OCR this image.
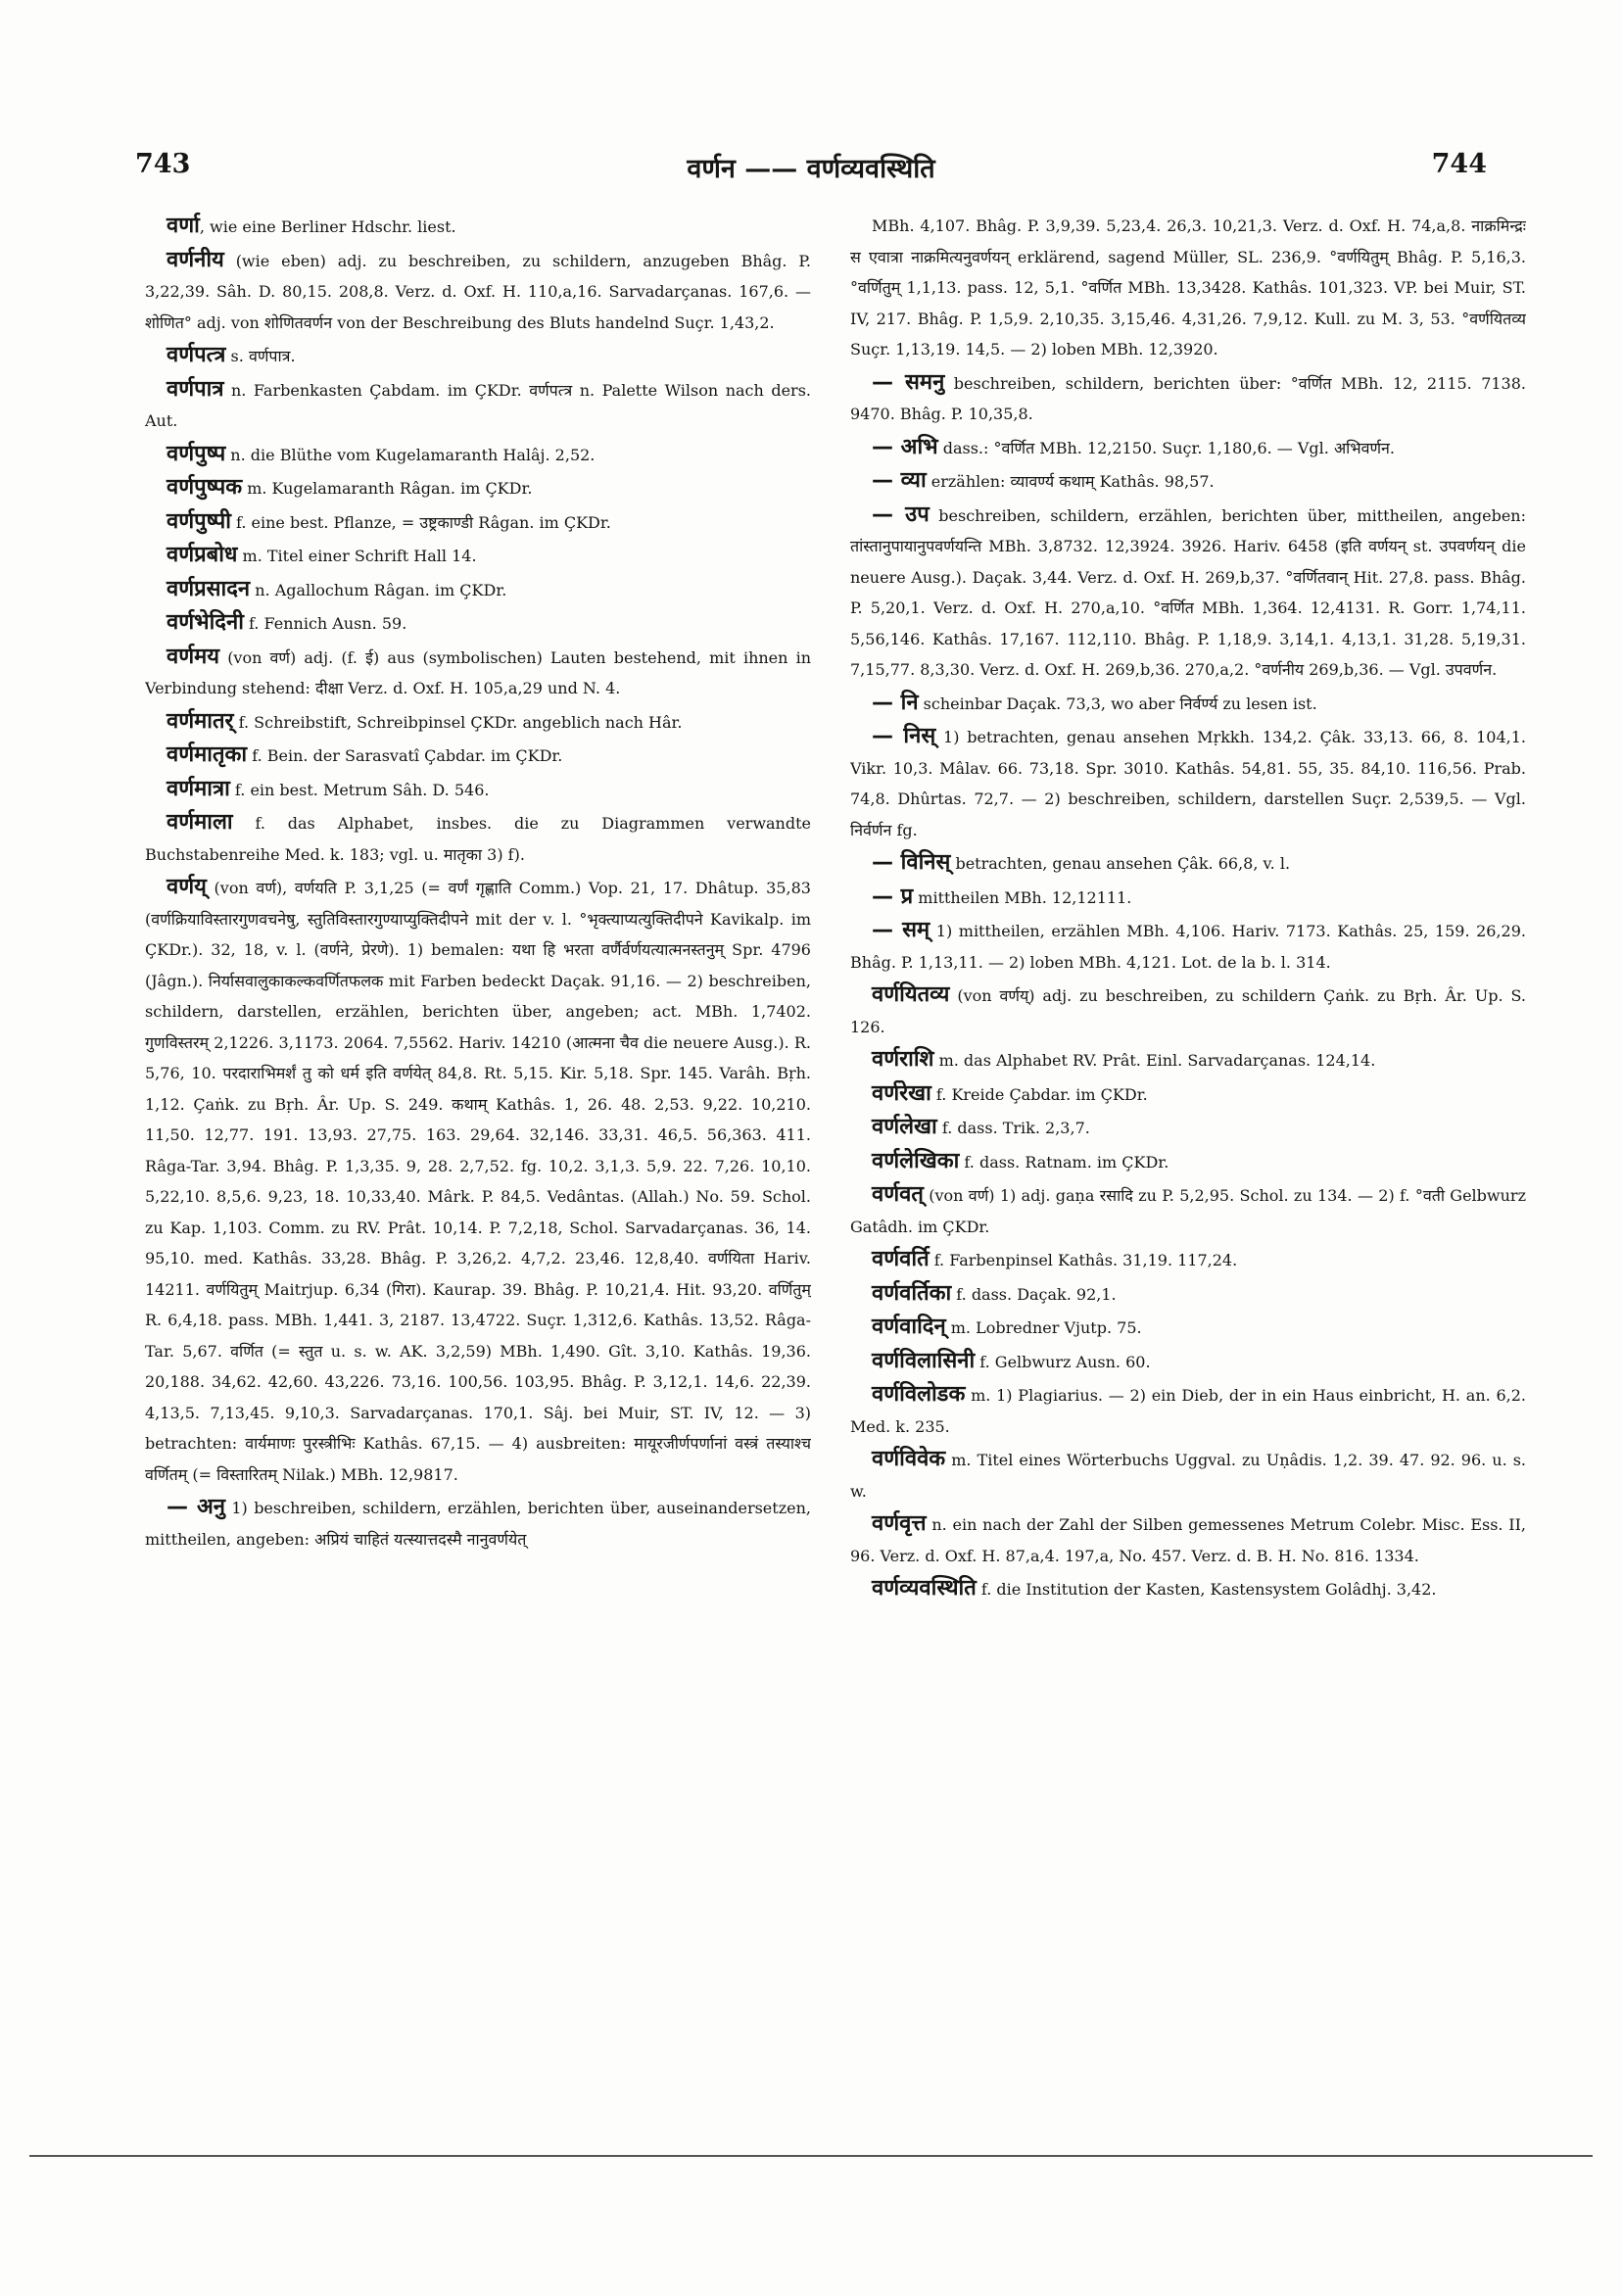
743	वर्णन —— वर्णव्यवस्थिति	744

वर्णा, wie eine Berliner Hdschr. liest.

वर्णनीय (wie eben) adj. zu beschreiben, zu schildern, anzugeben Bhâg. P. 3,22,39. Sâh. D. 80,15. 208,8. Verz. d. Oxf. H. 110,a,16. Sarvadarçanas. 167,6. — शोणित° adj. von शोणितवर्णन von der Beschreibung des Bluts handelnd Suçr. 1,43,2.

वर्णपत्त्र s. वर्णपात्र.

वर्णपात्र n. Farbenkasten Çabdam. im ÇKDr. वर्णपत्त्र n. Palette Wilson nach ders. Aut.

वर्णपुष्प n. die Blüthe vom Kugelamaranth Halâj. 2,52.

वर्णपुष्पक m. Kugelamaranth Râgan. im ÇKDr.

वर्णपुष्पी f. eine best. Pflanze, = उष्ट्रकाण्डी Râgan. im ÇKDr.

वर्णप्रबोध m. Titel einer Schrift Hall 14.

वर्णप्रसादन n. Agallochum Râgan. im ÇKDr.

वर्णभेदिनी f. Fennich Ausn. 59.

वर्णमय (von वर्ण) adj. (f. ई) aus (symbolischen) Lauten bestehend, mit ihnen in Verbindung stehend: दीक्षा Verz. d. Oxf. H. 105,a,29 und N. 4.

वर्णमातर् f. Schreibstift, Schreibpinsel ÇKDr. angeblich nach Hâr.

वर्णमातृका f. Bein. der Sarasvatî Çabdar. im ÇKDr.

वर्णमात्रा f. ein best. Metrum Sâh. D. 546.

वर्णमाला f. das Alphabet, insbes. die zu Diagrammen verwandte Buchstabenreihe Med. k. 183; vgl. u. मातृका 3) f).

वर्णय् (von वर्ण), वर्णयति P. 3,1,25 (= वर्णं गृह्णाति Comm.) Vop. 21, 17. Dhâtup. 35,83 (वर्णक्रियाविस्तारगुणवचनेषु, स्तुतिविस्तारगुण्याप्युक्तिदीपने mit der v. l. °भृक्त्याप्यत्युक्तिदीपने Kavikalp. im ÇKDr.). 32, 18, v. l. (वर्णने, प्रेरणे). 1) bemalen: यथा हि भरता वर्णैर्वर्णयत्यात्मनस्तनुम् Spr. 4796 (Jâgn.). निर्यासवालुकाकल्कवर्णितफलक mit Farben bedeckt Daçak. 91,16. — 2) beschreiben, schildern, darstellen, erzählen, berichten über, angeben; act. MBh. 1,7402. गुणविस्तरम् 2,1226. 3,1173. 2064. 7,5562. Hariv. 14210 (आत्मना चैव die neuere Ausg.). R. 5,76, 10. परदाराभिमर्शं तु को धर्म इति वर्णयेत् 84,8. Rt. 5,15. Kir. 5,18. Spr. 145. Varâh. Bṛh. 1,12. Çaṅk. zu Bṛh. Âr. Up. S. 249. कथाम् Kathâs. 1, 26. 48. 2,53. 9,22. 10,210. 11,50. 12,77. 191. 13,93. 27,75. 163. 29,64. 32,146. 33,31. 46,5. 56,363. 411. Râga-Tar. 3,94. Bhâg. P. 1,3,35. 9, 28. 2,7,52. fg. 10,2. 3,1,3. 5,9. 22. 7,26. 10,10. 5,22,10. 8,5,6. 9,23, 18. 10,33,40. Mârk. P. 84,5. Vedântas. (Allah.) No. 59. Schol. zu Kap. 1,103. Comm. zu RV. Prât. 10,14. P. 7,2,18, Schol. Sarvadarçanas. 36, 14. 95,10. med. Kathâs. 33,28. Bhâg. P. 3,26,2. 4,7,2. 23,46. 12,8,40. वर्णयिता Hariv. 14211. वर्णयितुम् Maitrjup. 6,34 (गिरा). Kaurap. 39. Bhâg. P. 10,21,4. Hit. 93,20. वर्णितुम् R. 6,4,18. pass. MBh. 1,441. 3, 2187. 13,4722. Suçr. 1,312,6. Kathâs. 13,52. Râga-Tar. 5,67. वर्णित (= स्तुत u. s. w. AK. 3,2,59) MBh. 1,490. Gît. 3,10. Kathâs. 19,36. 20,188. 34,62. 42,60. 43,226. 73,16. 100,56. 103,95. Bhâg. P. 3,12,1. 14,6. 22,39. 4,13,5. 7,13,45. 9,10,3. Sarvadarçanas. 170,1. Sâj. bei Muir, ST. IV, 12. — 3) betrachten: वार्यमाणः पुरस्त्रीभिः Kathâs. 67,15. — 4) ausbreiten: मायूरजीर्णपर्णानां वस्त्रं तस्याश्च वर्णितम् (= विस्तारितम् Nilak.) MBh. 12,9817.

— अनु 1) beschreiben, schildern, erzählen, berichten über, auseinandersetzen, mittheilen, angeben: अप्रियं चाहितं यत्स्यात्तदस्मै नानुवर्णयेत्

MBh. 4,107. Bhâg. P. 3,9,39. 5,23,4. 26,3. 10,21,3. Verz. d. Oxf. H. 74,a,8. नाक्रमिन्द्रः स एवात्रा नाक्रमित्यनुवर्णयन् erklärend, sagend Müller, SL. 236,9. °वर्णयितुम् Bhâg. P. 5,16,3. °वर्णितुम् 1,1,13. pass. 12, 5,1. °वर्णित MBh. 13,3428. Kathâs. 101,323. VP. bei Muir, ST. IV, 217. Bhâg. P. 1,5,9. 2,10,35. 3,15,46. 4,31,26. 7,9,12. Kull. zu M. 3, 53. °वर्णयितव्य Suçr. 1,13,19. 14,5. — 2) loben MBh. 12,3920.

— समनु beschreiben, schildern, berichten über: °वर्णित MBh. 12, 2115. 7138. 9470. Bhâg. P. 10,35,8.

— अभि dass.: °वर्णित MBh. 12,2150. Suçr. 1,180,6. — Vgl. अभिवर्णन.

— व्या erzählen: व्यावर्ण्य कथाम् Kathâs. 98,57.

— उप beschreiben, schildern, erzählen, berichten über, mittheilen, angeben: तांस्तानुपायानुपवर्णयन्ति MBh. 3,8732. 12,3924. 3926. Hariv. 6458 (इति वर्णयन् st. उपवर्णयन् die neuere Ausg.). Daçak. 3,44. Verz. d. Oxf. H. 269,b,37. °वर्णितवान् Hit. 27,8. pass. Bhâg. P. 5,20,1. Verz. d. Oxf. H. 270,a,10. °वर्णित MBh. 1,364. 12,4131. R. Gorr. 1,74,11. 5,56,146. Kathâs. 17,167. 112,110. Bhâg. P. 1,18,9. 3,14,1. 4,13,1. 31,28. 5,19,31. 7,15,77. 8,3,30. Verz. d. Oxf. H. 269,b,36. 270,a,2. °वर्णनीय 269,b,36. — Vgl. उपवर्णन.

— नि scheinbar Daçak. 73,3, wo aber निर्वर्ण्य zu lesen ist.

— निस् 1) betrachten, genau ansehen Mṛkkh. 134,2. Çâk. 33,13. 66, 8. 104,1. Vikr. 10,3. Mâlav. 66. 73,18. Spr. 3010. Kathâs. 54,81. 55, 35. 84,10. 116,56. Prab. 74,8. Dhûrtas. 72,7. — 2) beschreiben, schildern, darstellen Suçr. 2,539,5. — Vgl. निर्वर्णन fg.

— विनिस् betrachten, genau ansehen Çâk. 66,8, v. l.

— प्र mittheilen MBh. 12,12111.

— सम् 1) mittheilen, erzählen MBh. 4,106. Hariv. 7173. Kathâs. 25, 159. 26,29. Bhâg. P. 1,13,11. — 2) loben MBh. 4,121. Lot. de la b. l. 314.

वर्णयितव्य (von वर्णय्) adj. zu beschreiben, zu schildern Çaṅk. zu Bṛh. Âr. Up. S. 126.

वर्णराशि m. das Alphabet RV. Prât. Einl. Sarvadarçanas. 124,14.

वर्णरेखा f. Kreide Çabdar. im ÇKDr.

वर्णलेखा f. dass. Trik. 2,3,7.

वर्णलेखिका f. dass. Ratnam. im ÇKDr.

वर्णवत् (von वर्ण) 1) adj. gaṇa रसादि zu P. 5,2,95. Schol. zu 134. — 2) f. °वती Gelbwurz Gatâdh. im ÇKDr.

वर्णवर्ति f. Farbenpinsel Kathâs. 31,19. 117,24.

वर्णवर्तिका f. dass. Daçak. 92,1.

वर्णवादिन् m. Lobredner Vjutp. 75.

वर्णविलासिनी f. Gelbwurz Ausn. 60.

वर्णविलोडक m. 1) Plagiarius. — 2) ein Dieb, der in ein Haus einbricht, H. an. 6,2. Med. k. 235.

वर्णविवेक m. Titel eines Wörterbuchs Uggval. zu Uṇâdis. 1,2. 39. 47. 92. 96. u. s. w.

वर्णवृत्त n. ein nach der Zahl der Silben gemessenes Metrum Colebr. Misc. Ess. II, 96. Verz. d. Oxf. H. 87,a,4. 197,a, No. 457. Verz. d. B. H. No. 816. 1334.

वर्णव्यवस्थिति f. die Institution der Kasten, Kastensystem Golâdhj. 3,42.
